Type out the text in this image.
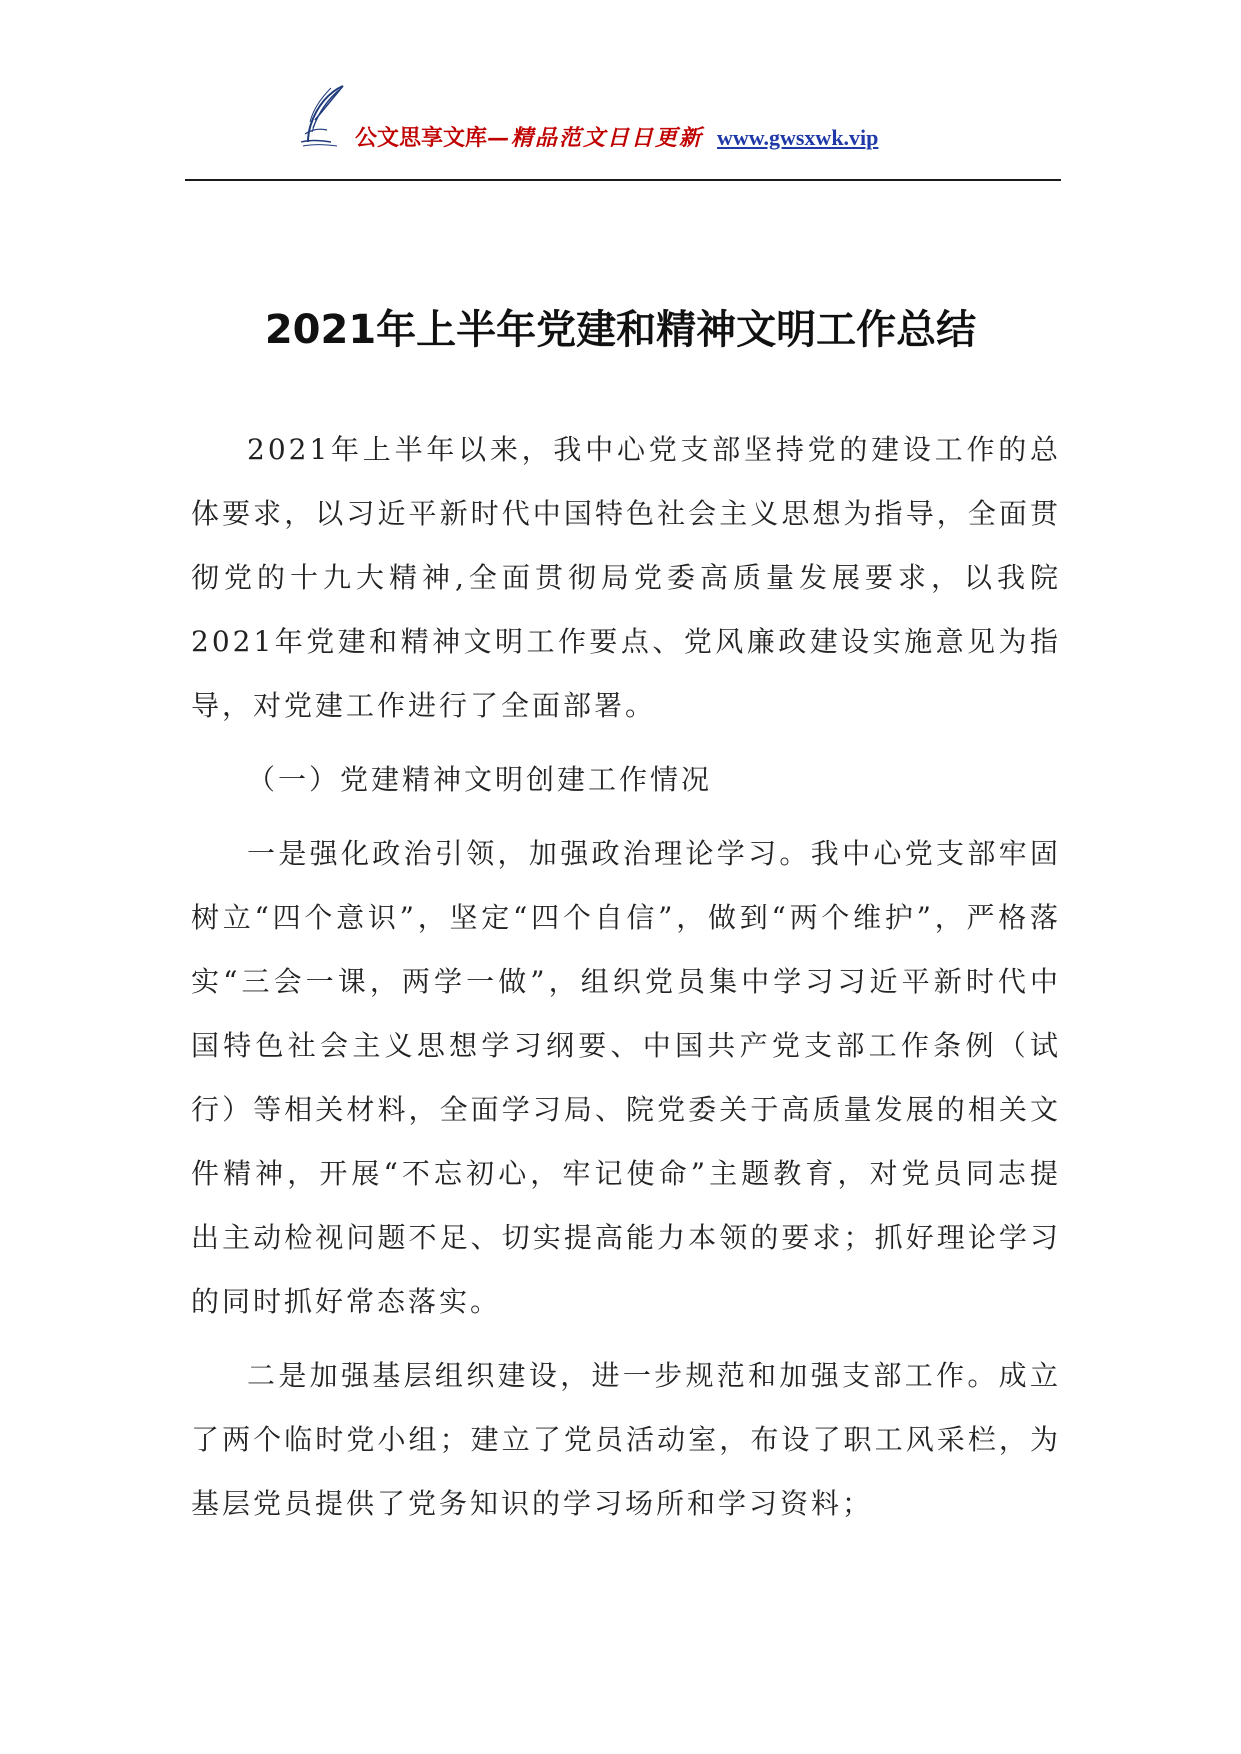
公文思享文库—精品范文日日更新 www.gwsxwk.vip
2021年上半年党建和精神文明工作总结

2021年上半年以来，我中心党支部坚持党的建设工作的总体要求，以习近平新时代中国特色社会主义思想为指导，全面贯彻党的十九大精神,全面贯彻局党委高质量发展要求，以我院2021年党建和精神文明工作要点、党风廉政建设实施意见为指导，对党建工作进行了全面部署。

（一）党建精神文明创建工作情况

一是强化政治引领，加强政治理论学习。我中心党支部牢固树立“四个意识”，坚定“四个自信”，做到“两个维护”，严格落实“三会一课，两学一做”，组织党员集中学习习近平新时代中国特色社会主义思想学习纲要、中国共产党支部工作条例（试行）等相关材料，全面学习局、院党委关于高质量发展的相关文件精神，开展“不忘初心，牢记使命”主题教育，对党员同志提出主动检视问题不足、切实提高能力本领的要求；抓好理论学习的同时抓好常态落实。

二是加强基层组织建设，进一步规范和加强支部工作。成立了两个临时党小组；建立了党员活动室，布设了职工风采栏，为基层党员提供了党务知识的学习场所和学习资料；
